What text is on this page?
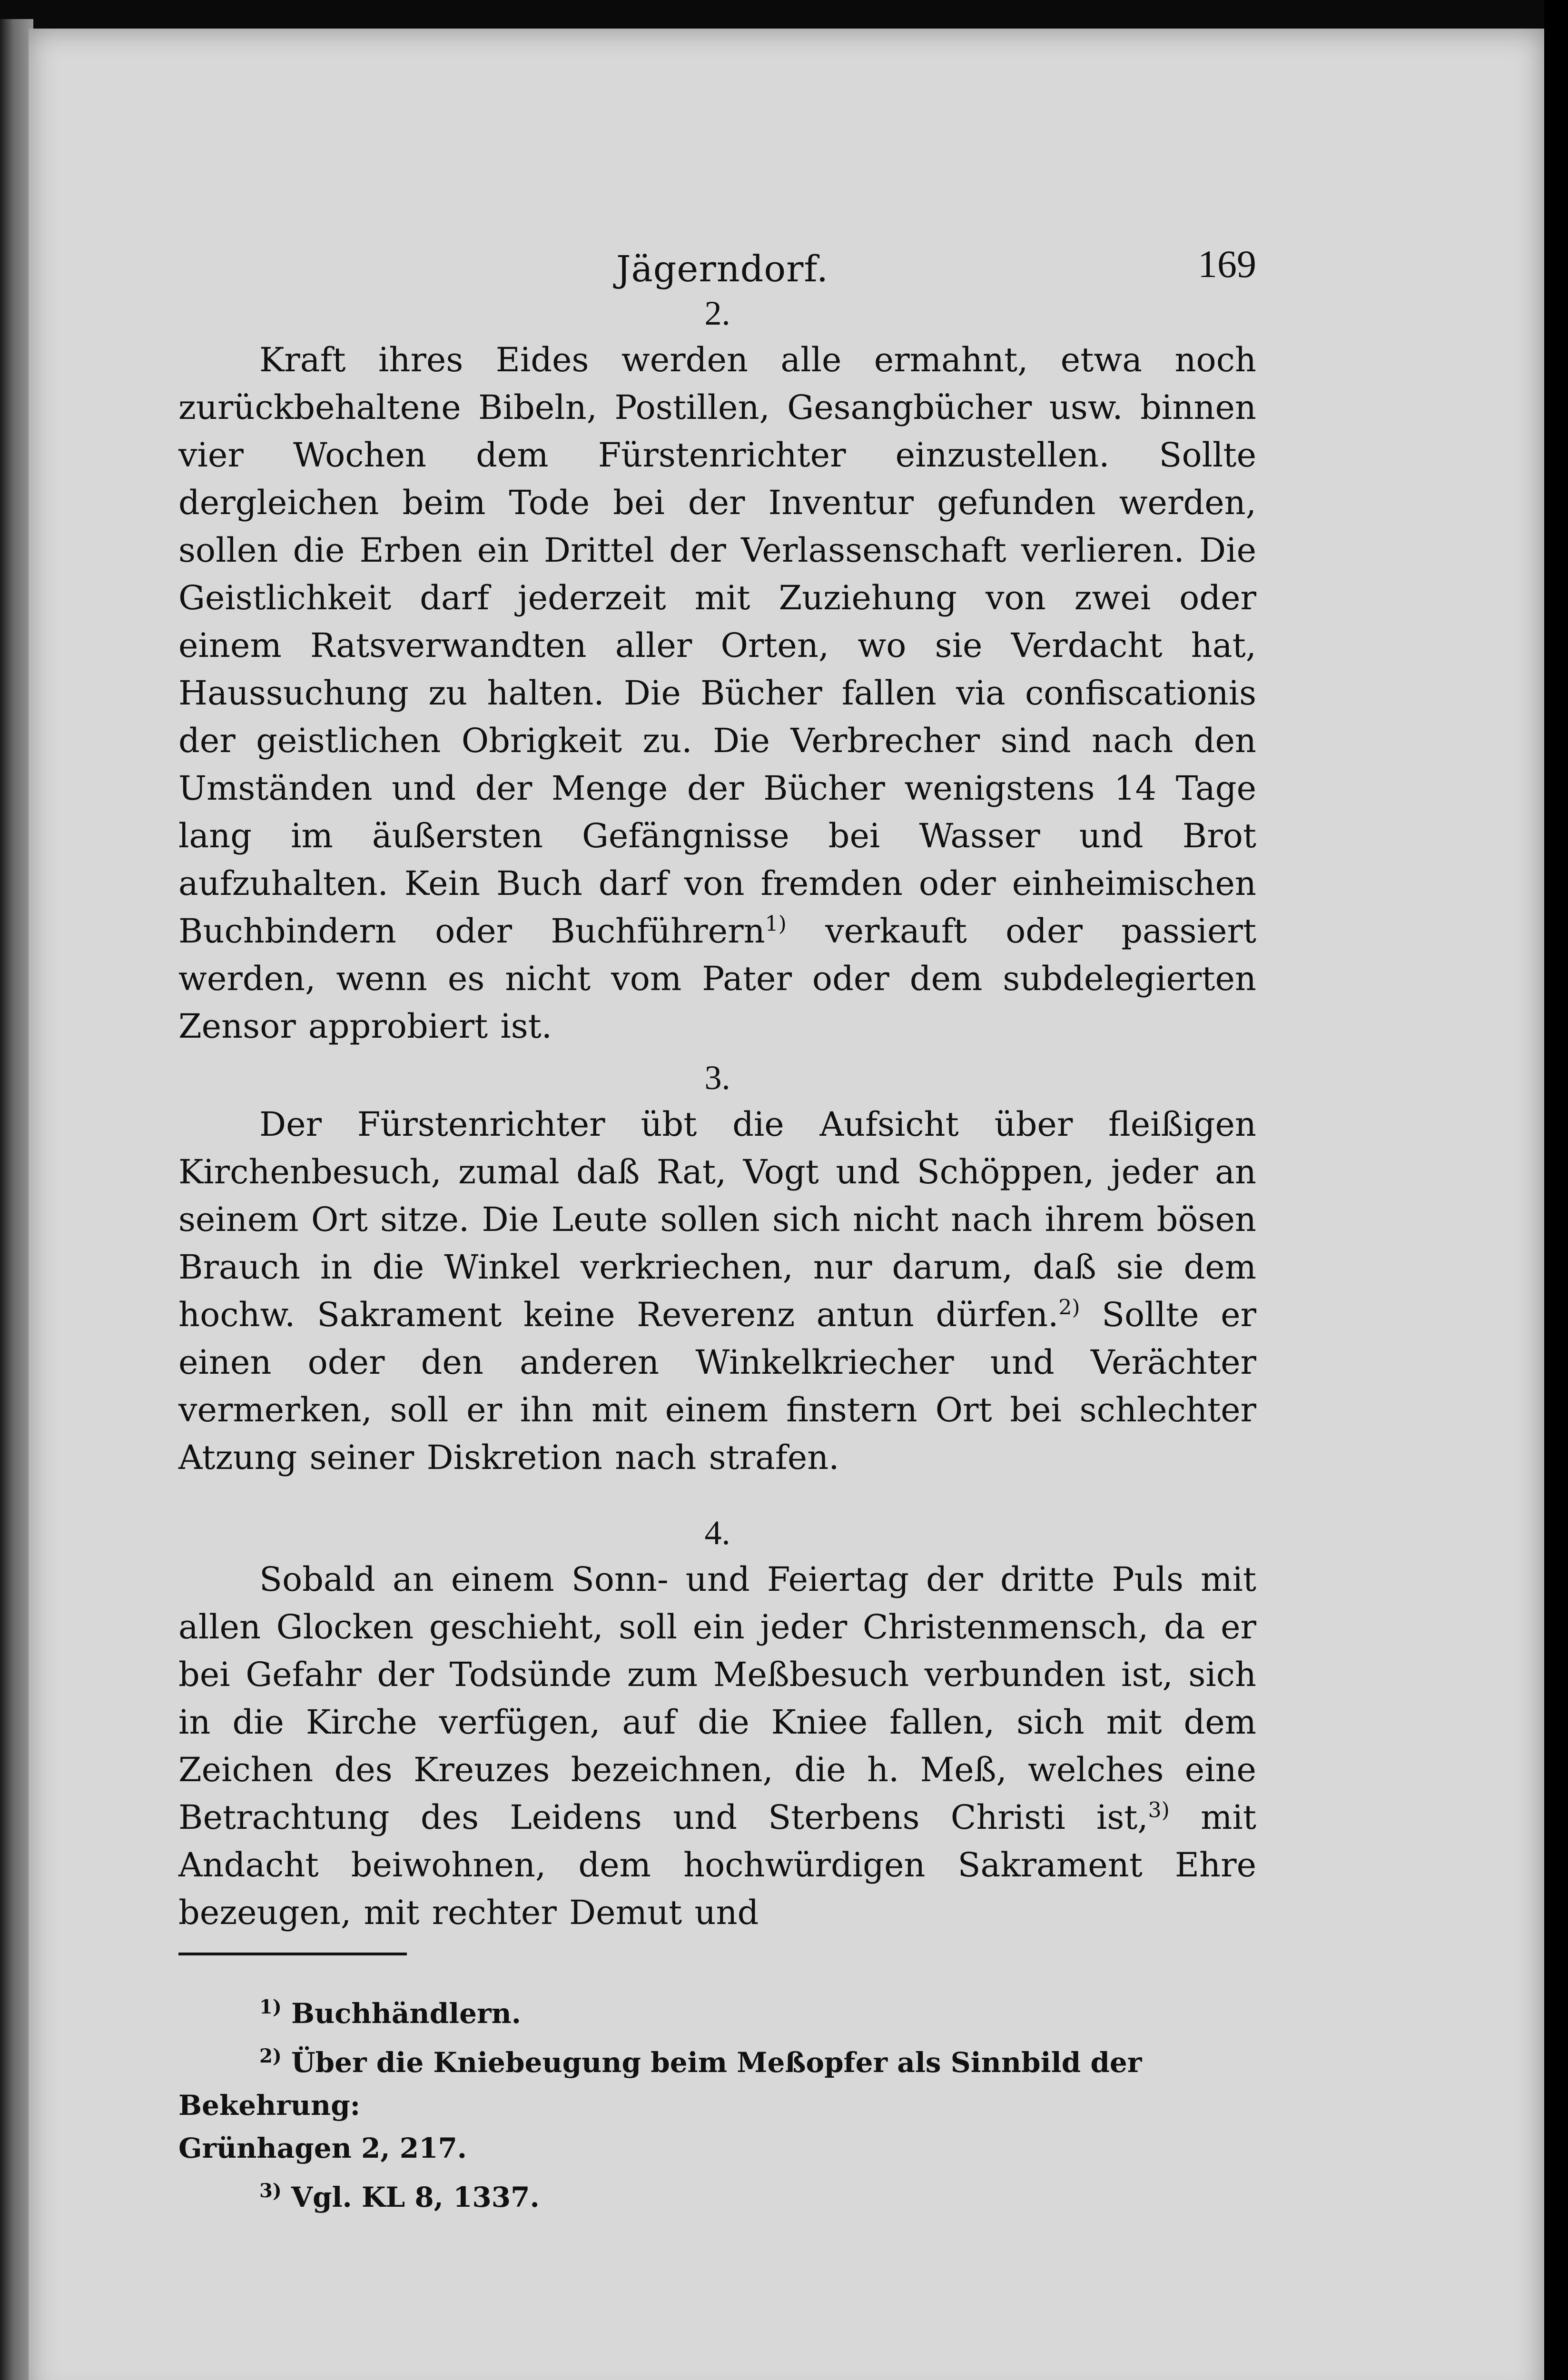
Jägerndorf.	169

2.

Kraft ihres Eides werden alle ermahnt, etwa noch zurückbehaltene Bibeln, Postillen, Gesangbücher usw. binnen vier Wochen dem Fürstenrichter einzustellen. Sollte dergleichen beim Tode bei der Inventur gefunden werden, sollen die Erben ein Drittel der Verlassenschaft verlieren. Die Geistlichkeit darf jederzeit mit Zuziehung von zwei oder einem Ratsverwandten aller Orten, wo sie Verdacht hat, Haussuchung zu halten. Die Bücher fallen via confiscationis der geistlichen Obrigkeit zu. Die Verbrecher sind nach den Umständen und der Menge der Bücher wenigstens 14 Tage lang im äußersten Gefängnisse bei Wasser und Brot aufzuhalten. Kein Buch darf von fremden oder einheimischen Buchbindern oder Buchführern$^{1)}$ verkauft oder passiert werden, wenn es nicht vom Pater oder dem subdelegierten Zensor approbiert ist.

3.

Der Fürstenrichter übt die Aufsicht über fleißigen Kirchenbesuch, zumal daß Rat, Vogt und Schöppen, jeder an seinem Ort sitze. Die Leute sollen sich nicht nach ihrem bösen Brauch in die Winkel verkriechen, nur darum, daß sie dem hochw. Sakrament keine Reverenz antun dürfen.$^{2)}$ Sollte er einen oder den anderen Winkelkriecher und Verächter vermerken, soll er ihn mit einem finstern Ort bei schlechter Atzung seiner Diskretion nach strafen.

4.

Sobald an einem Sonn- und Feiertag der dritte Puls mit allen Glocken geschieht, soll ein jeder Christenmensch, da er bei Gefahr der Todsünde zum Meßbesuch verbunden ist, sich in die Kirche verfügen, auf die Kniee fallen, sich mit dem Zeichen des Kreuzes bezeichnen, die h. Meß, welches eine Betrachtung des Leidens und Sterbens Christi ist,$^{3)}$ mit Andacht beiwohnen, dem hochwürdigen Sakrament Ehre bezeugen, mit rechter Demut und

$^{1)}$ Buchhändlern.

$^{2)}$ Über die Kniebeugung beim Meßopfer als Sinnbild der Bekehrung:

Grünhagen 2, 217.

$^{3)}$ Vgl. KL 8, 1337.
